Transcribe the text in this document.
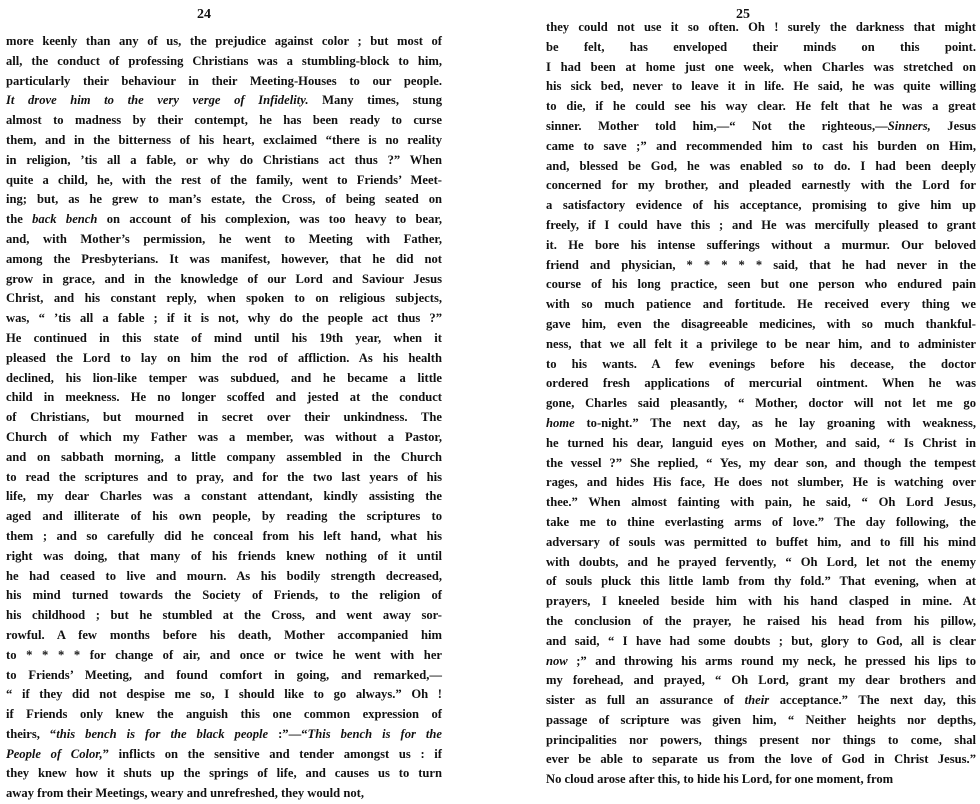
24
more keenly than any of us, the prejudice against color ; but most of
all, the conduct of professing Christians was a stumbling-block to him,
particularly their behaviour in their Meeting-Houses to our people.
It drove him to the very verge of Infidelity. Many times, stung
almost to madness by their contempt, he has been ready to curse
them, and in the bitterness of his heart, exclaimed “there is no reality
in religion, ’tis all a fable, or why do Christians act thus ?” When
quite a child, he, with the rest of the family, went to Friends’ Meet-
ing; but, as he grew to man’s estate, the Cross, of being seated on
the back bench on account of his complexion, was too heavy to bear,
and, with Mother’s permission, he went to Meeting with Father,
among the Presbyterians. It was manifest, however, that he did not
grow in grace, and in the knowledge of our Lord and Saviour Jesus
Christ, and his constant reply, when spoken to on religious subjects,
was, “ ’tis all a fable ; if it is not, why do the people act thus ?”
He continued in this state of mind until his 19th year, when it
pleased the Lord to lay on him the rod of affliction. As his health
declined, his lion-like temper was subdued, and he became a little
child in meekness. He no longer scoffed and jested at the conduct
of Christians, but mourned in secret over their unkindness. The
Church of which my Father was a member, was without a Pastor,
and on sabbath morning, a little company assembled in the Church
to read the scriptures and to pray, and for the two last years of his
life, my dear Charles was a constant attendant, kindly assisting the
aged and illiterate of his own people, by reading the scriptures to
them ; and so carefully did he conceal from his left hand, what his
right was doing, that many of his friends knew nothing of it until
he had ceased to live and mourn. As his bodily strength decreased,
his mind turned towards the Society of Friends, to the religion of
his childhood ; but he stumbled at the Cross, and went away sor-
rowful. A few months before his death, Mother accompanied him
to * * * * for change of air, and once or twice he went with her
to Friends’ Meeting, and found comfort in going, and remarked,—
“ if they did not despise me so, I should like to go always.” Oh !
if Friends only knew the anguish this one common expression of
theirs, “this bench is for the black people :”—“This bench is for the
People of Color,” inflicts on the sensitive and tender amongst us : if
they knew how it shuts up the springs of life, and causes us to turn
away from their Meetings, weary and unrefreshed, they would not,
25
they could not use it so often. Oh ! surely the darkness that might
be felt, has enveloped their minds on this point.
I had been at home just one week, when Charles was stretched on
his sick bed, never to leave it in life. He said, he was quite willing
to die, if he could see his way clear. He felt that he was a great
sinner. Mother told him,—“ Not the righteous,—Sinners, Jesus
came to save ;” and recommended him to cast his burden on Him,
and, blessed be God, he was enabled so to do. I had been deeply
concerned for my brother, and pleaded earnestly with the Lord for
a satisfactory evidence of his acceptance, promising to give him up
freely, if I could have this ; and He was mercifully pleased to grant
it. He bore his intense sufferings without a murmur. Our beloved
friend and physician, * * * * * said, that he had never in the
course of his long practice, seen but one person who endured pain
with so much patience and fortitude. He received every thing we
gave him, even the disagreeable medicines, with so much thankful-
ness, that we all felt it a privilege to be near him, and to administer
to his wants. A few evenings before his decease, the doctor
ordered fresh applications of mercurial ointment. When he was
gone, Charles said pleasantly, “ Mother, doctor will not let me go
home to-night.” The next day, as he lay groaning with weakness,
he turned his dear, languid eyes on Mother, and said, “ Is Christ in
the vessel ?” She replied, “ Yes, my dear son, and though the tempest
rages, and hides His face, He does not slumber, He is watching over
thee.” When almost fainting with pain, he said, “ Oh Lord Jesus,
take me to thine everlasting arms of love.” The day following, the
adversary of souls was permitted to buffet him, and to fill his mind
with doubts, and he prayed fervently, “ Oh Lord, let not the enemy
of souls pluck this little lamb from thy fold.” That evening, when at
prayers, I kneeled beside him with his hand clasped in mine. At
the conclusion of the prayer, he raised his head from his pillow,
and said, “ I have had some doubts ; but, glory to God, all is clear
now ;” and throwing his arms round my neck, he pressed his lips to
my forehead, and prayed, “ Oh Lord, grant my dear brothers and
sister as full an assurance of their acceptance.” The next day, this
passage of scripture was given him, “ Neither heights nor depths,
principalities nor powers, things present nor things to come, shal
ever be able to separate us from the love of God in Christ Jesus.”
No cloud arose after this, to hide his Lord, for one moment, from
